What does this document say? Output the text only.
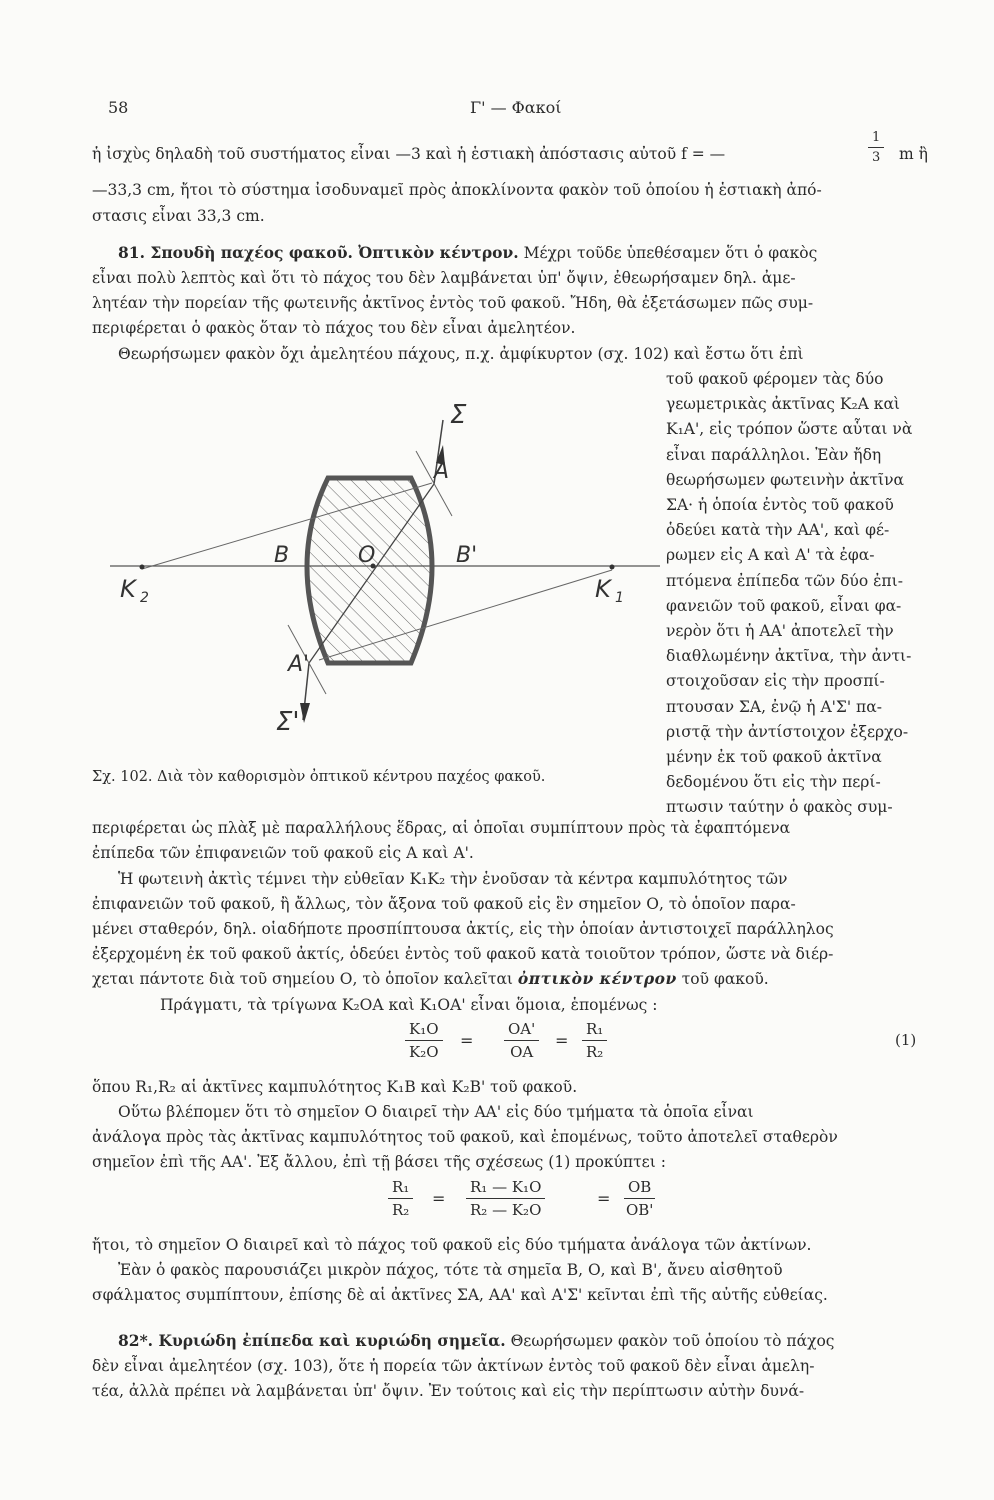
58	Γ' — Φακοί
ἡ ἰσχὺς δηλαδὴ τοῦ συστήματος εἶναι —3 καὶ ἡ ἑστιακὴ ἀπόστασις αὐτοῦ f = —	$\frac{1}{3}$ m ἢ
—33,3 cm, ἤτοι τὸ σύστημα ἰσοδυναμεῖ πρὸς ἀποκλίνοντα φακὸν τοῦ ὁποίου ἡ ἑστιακὴ ἀπό-
στασις εἶναι 33,3 cm.
81. Σπουδὴ παχέος φακοῦ. Ὀπτικὸν κέντρον. Μέχρι τοῦδε ὑπεθέσαμεν ὅτι ὁ φακὸς
εἶναι πολὺ λεπτὸς καὶ ὅτι τὸ πάχος του δὲν λαμβάνεται ὑπ' ὄψιν, ἐθεωρήσαμεν δηλ. ἀμε-
λητέαν τὴν πορείαν τῆς φωτεινῆς ἀκτῖνος ἐντὸς τοῦ φακοῦ. Ἤδη, θὰ ἐξετάσωμεν πῶς συμ-
περιφέρεται ὁ φακὸς ὅταν τὸ πάχος του δὲν εἶναι ἀμελητέον.
Θεωρήσωμεν φακὸν ὄχι ἀμελητέου πάχους, π.χ. ἀμφίκυρτον (σχ. 102) καὶ ἔστω ὅτι ἐπὶ
τοῦ φακοῦ φέρομεν τὰς δύο
γεωμετρικὰς ἀκτῖνας Κ₂Α καὶ
Κ₁Α', εἰς τρόπον ὥστε αὗται νὰ
εἶναι παράλληλοι. Ἐὰν ἤδη
θεωρήσωμεν φωτεινὴν ἀκτῖνα
ΣΑ· ἡ ὁποία ἐντὸς τοῦ φακοῦ
ὁδεύει κατὰ τὴν ΑΑ', καὶ φέ-
ρωμεν εἰς Α καὶ Α' τὰ ἐφα-
πτόμενα ἐπίπεδα τῶν δύο ἐπι-
φανειῶν τοῦ φακοῦ, εἶναι φα-
νερὸν ὅτι ἡ ΑΑ' ἀποτελεῖ τὴν
διαθλωμένην ἀκτῖνα, τὴν ἀντι-
στοιχοῦσαν εἰς τὴν προσπί-
πτουσαν ΣΑ, ἐνῷ ἡ Α'Σ' πα-
ριστᾷ τὴν ἀντίστοιχον ἐξερχο-
μένην ἐκ τοῦ φακοῦ ἀκτῖνα
δεδομένου ὅτι εἰς τὴν περί-
πτωσιν ταύτην ὁ φακὸς συμ-
Σ
A
B	O	B'
K 2	K 1
A'
Σ'
Σχ. 102. Διὰ τὸν καθορισμὸν ὀπτικοῦ κέντρου παχέος φακοῦ.
περιφέρεται ὡς πλὰξ μὲ παραλλήλους ἕδρας, αἱ ὁποῖαι συμπίπτουν πρὸς τὰ ἐφαπτόμενα
ἐπίπεδα τῶν ἐπιφανειῶν τοῦ φακοῦ εἰς Α καὶ Α'.
Ἡ φωτεινὴ ἀκτὶς τέμνει τὴν εὐθεῖαν Κ₁Κ₂ τὴν ἑνοῦσαν τὰ κέντρα καμπυλότητος τῶν
ἐπιφανειῶν τοῦ φακοῦ, ἢ ἄλλως, τὸν ἄξονα τοῦ φακοῦ εἰς ἓν σημεῖον Ο, τὸ ὁποῖον παρα-
μένει σταθερόν, δηλ. οἱαδήποτε προσπίπτουσα ἀκτίς, εἰς τὴν ὁποίαν ἀντιστοιχεῖ παράλληλος
ἐξερχομένη ἐκ τοῦ φακοῦ ἀκτίς, ὁδεύει ἐντὸς τοῦ φακοῦ κατὰ τοιοῦτον τρόπον, ὥστε νὰ διέρ-
χεται πάντοτε διὰ τοῦ σημείου Ο, τὸ ὁποῖον καλεῖται ὀπτικὸν κέντρον τοῦ φακοῦ.
Πράγματι, τὰ τρίγωνα Κ₂ΟΑ καὶ Κ₁ΟΑ' εἶναι ὅμοια, ἑπομένως :
$\frac{\text{K₁O}}{\text{K₂O}} = \frac{OA'}{OA} = \frac{\text{R₁}}{\text{R₂}}$	(1)
ὅπου R₁,R₂ αἱ ἀκτῖνες καμπυλότητος Κ₁Β καὶ Κ₂Β' τοῦ φακοῦ.
Οὕτω βλέπομεν ὅτι τὸ σημεῖον Ο διαιρεῖ τὴν ΑΑ' εἰς δύο τμήματα τὰ ὁποῖα εἶναι
ἀνάλογα πρὸς τὰς ἀκτῖνας καμπυλότητος τοῦ φακοῦ, καὶ ἑπομένως, τοῦτο ἀποτελεῖ σταθερὸν
σημεῖον ἐπὶ τῆς ΑΑ'. Ἐξ ἄλλου, ἐπὶ τῇ βάσει τῆς σχέσεως (1) προκύπτει :
$\frac{\text{R₁}}{\text{R₂}} = \frac{\text{R₁ — K₁O}}{\text{R₂ — K₂O}}$	= $\frac{OB}{OB'}$
ἤτοι, τὸ σημεῖον Ο διαιρεῖ καὶ τὸ πάχος τοῦ φακοῦ εἰς δύο τμήματα ἀνάλογα τῶν ἀκτίνων.
Ἐὰν ὁ φακὸς παρουσιάζει μικρὸν πάχος, τότε τὰ σημεῖα Β, Ο, καὶ Β', ἄνευ αἰσθητοῦ
σφάλματος συμπίπτουν, ἐπίσης δὲ αἱ ἀκτῖνες ΣΑ, ΑΑ' καὶ Α'Σ' κεῖνται ἐπὶ τῆς αὐτῆς εὐθείας.
82*. Κυριώδη ἐπίπεδα καὶ κυριώδη σημεῖα. Θεωρήσωμεν φακὸν τοῦ ὁποίου τὸ πάχος
δὲν εἶναι ἀμελητέον (σχ. 103), ὅτε ἡ πορεία τῶν ἀκτίνων ἐντὸς τοῦ φακοῦ δὲν εἶναι ἀμελη-
τέα, ἀλλὰ πρέπει νὰ λαμβάνεται ὑπ' ὄψιν. Ἐν τούτοις καὶ εἰς τὴν περίπτωσιν αὐτὴν δυνά-
